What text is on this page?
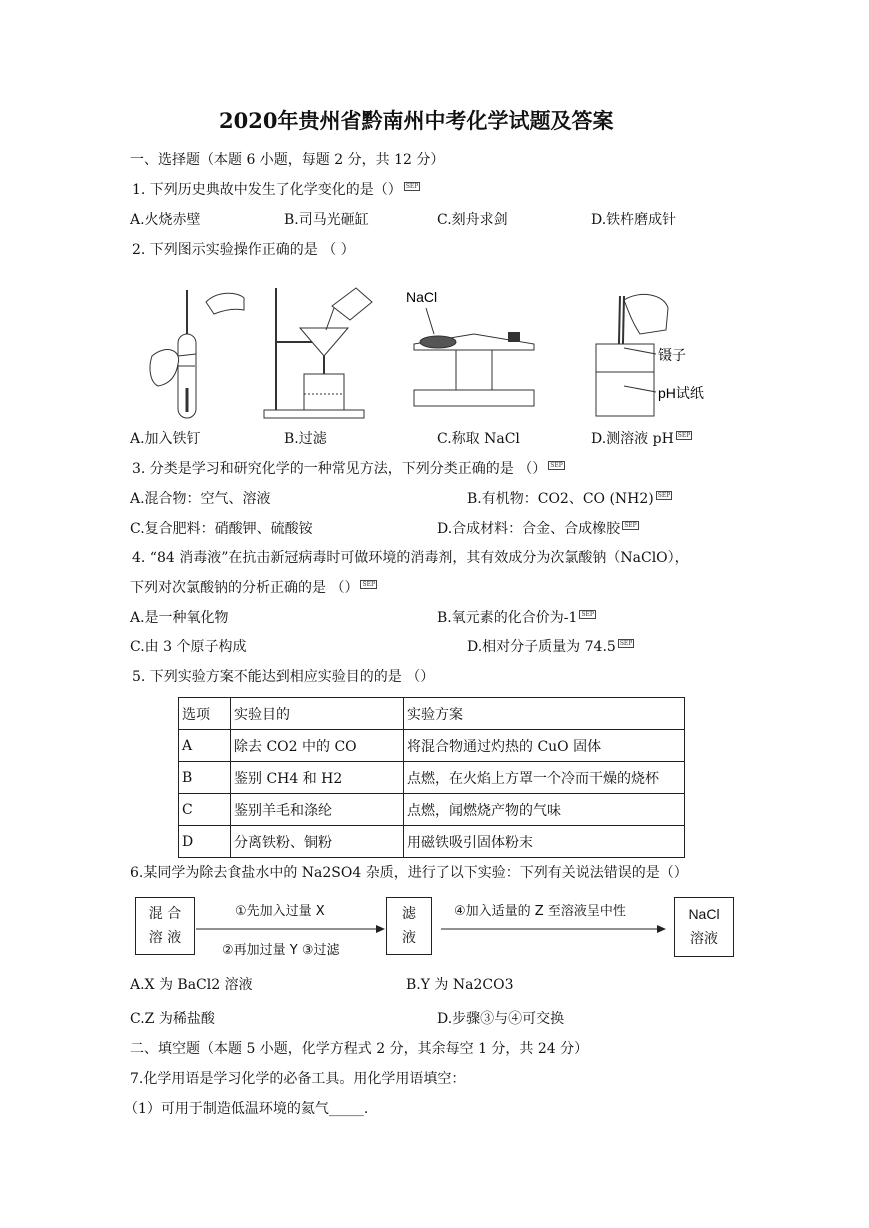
2020年贵州省黔南州中考化学试题及答案
一、选择题（本题 6 小题，每题 2 分，共 12 分）
1. 下列历史典故中发生了化学变化的是（） SEP
A.火烧赤壁	B.司马光砸缸	C.刻舟求剑	D.铁杵磨成针
2. 下列图示实验操作正确的是 （ ）
NaCl
镊子
pH试纸
A.加入铁钉	B.过滤	C.称取 NaCl	D.测溶液 pH SEP
3. 分类是学习和研究化学的一种常见方法，下列分类正确的是 （） SEP
A.混合物：空气、溶液	B.有机物：CO2、CO (NH2) SEP
C.复合肥料：硝酸钾、硫酸铵	D.合成材料：合金、合成橡胶 SEP
4. “84 消毒液”在抗击新冠病毒时可做环境的消毒剂，其有效成分为次氯酸钠（NaClO），
下列对次氯酸钠的分析正确的是 （） SEP
A.是一种氧化物	B.氧元素的化合价为-1 SEP
C.由 3 个原子构成	D.相对分子质量为 74.5 SEP
5. 下列实验方案不能达到相应实验目的的是 （）
选项	实验目的	实验方案
A	除去 CO2 中的 CO	将混合物通过灼热的 CuO 固体
B	鉴别 CH4 和 H2	点燃，在火焰上方罩一个冷而干燥的烧杯
C	鉴别羊毛和涤纶	点燃，闻燃烧产物的气味
D	分离铁粉、铜粉	用磁铁吸引固体粉末
6.某同学为除去食盐水中的 Na2SO4 杂质，进行了以下实验：下列有关说法错误的是（）
混 合
溶 液
①先加入过量 X
②再加过量 Y ③过滤
滤
液
④加入适量的 Z 至溶液呈中性	NaCl
溶液
A.X 为 BaCl2 溶液	B.Y 为 Na2CO3
C.Z 为稀盐酸	D.步骤③与④可交换
二、填空题（本题 5 小题，化学方程式 2 分，其余每空 1 分，共 24 分）
7.化学用语是学习化学的必备工具。用化学用语填空：
（1）可用于制造低温环境的氦气_____.
